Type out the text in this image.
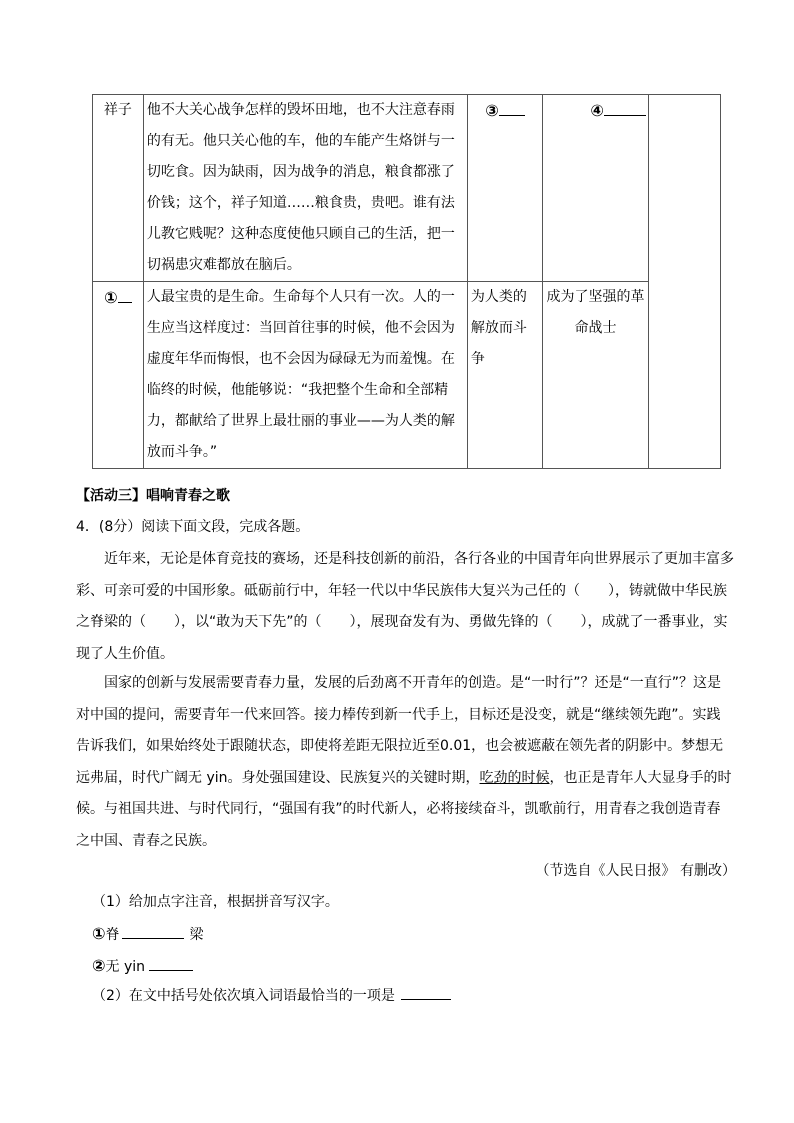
祥子	他不大关心战争怎样的毁坏田地，也不大注意春雨的有无。他只关心他的车，他的车能产生烙饼与一切吃食。因为缺雨，因为战争的消息，粮食都涨了价钱；这个，祥子知道……粮食贵，贵吧。谁有法儿教它贱呢？这种态度使他只顾自己的生活，把一切祸患灾难都放在脑后。	③	④	
①	人最宝贵的是生命。生命每个人只有一次。人的一生应当这样度过：当回首往事的时候，他不会因为虚度年华而悔恨，也不会因为碌碌无为而羞愧。在临终的时候，他能够说：“我把整个生命和全部精力，都献给了世界上最壮丽的事业——为人类的解放而斗争。”	为人类的解放而斗争	成为了坚强的革命战士	
【活动三】唱响青春之歌
4．(8分）阅读下面文段，完成各题。

近年来，无论是体育竞技的赛场，还是科技创新的前沿，各行各业的中国青年向世界展示了更加丰富多彩、可亲可爱的中国形象。砥砺前行中，年轻一代以中华民族伟大复兴为己任的（　　），铸就做中华民族之脊梁的（　　），以“敢为天下先”的（　　），展现奋发有为、勇做先锋的（　　），成就了一番事业，实现了人生价值。

国家的创新与发展需要青春力量，发展的后劲离不开青年的创造。是“一时行”？还是“一直行”？这是对中国的提问，需要青年一代来回答。接力棒传到新一代手上，目标还是没变，就是“继续领先跑”。实践告诉我们，如果始终处于跟随状态，即使将差距无限拉近至0.01，也会被遮蔽在领先者的阴影中。梦想无远弗届，时代广阔无 yin。身处强国建设、民族复兴的关键时期，吃劲的时候，也正是青年人大显身手的时候。与祖国共进、与时代同行，“强国有我”的时代新人，必将接续奋斗，凯歌前行，用青春之我创造青春之中国、青春之民族。

（节选自《人民日报》 有删改）
（1）给加点字注音，根据拼音写汉字。
①脊	梁
②无 yin
（2）在文中括号处依次填入词语最恰当的一项是
